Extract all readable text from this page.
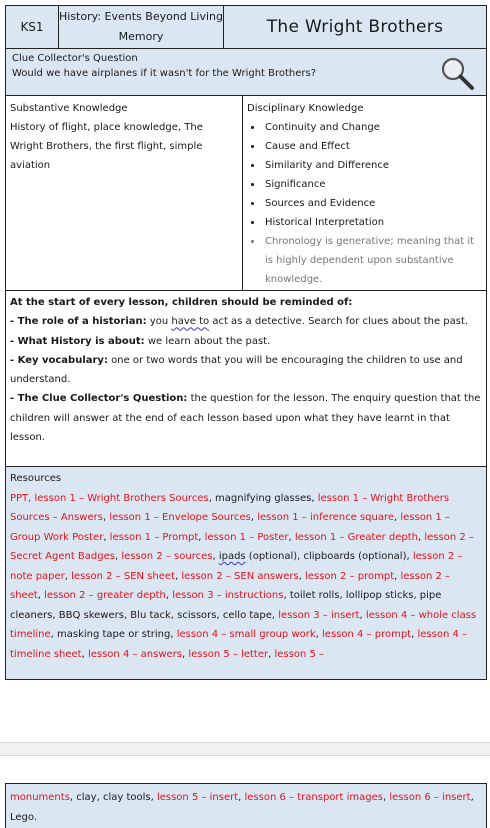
KS1
History: Events Beyond Living Memory	The Wright Brothers
Clue Collector's Question
Would we have airplanes if it wasn't for the Wright Brothers?
Substantive Knowledge
History of flight, place knowledge, The Wright Brothers, the first flight, simple aviation
Disciplinary Knowledge
• Continuity and Change
• Cause and Effect
• Similarity and Difference
• Significance
• Sources and Evidence
• Historical Interpretation
• Chronology is generative; meaning that it is highly dependent upon substantive knowledge.
At the start of every lesson, children should be reminded of:
- The role of a historian: you have to act as a detective. Search for clues about the past.
- What History is about: we learn about the past.
- Key vocabulary: one or two words that you will be encouraging the children to use and understand.
- The Clue Collector's Question: the question for the lesson. The enquiry question that the children will answer at the end of each lesson based upon what they have learnt in that lesson.
Resources
PPT, lesson 1 – Wright Brothers Sources, magnifying glasses, lesson 1 – Wright Brothers Sources – Answers, lesson 1 – Envelope Sources, lesson 1 – inference square, lesson 1 – Group Work Poster, lesson 1 – Prompt, lesson 1 – Poster, lesson 1 – Greater depth, lesson 2 – Secret Agent Badges, lesson 2 – sources, ipads (optional), clipboards (optional), lesson 2 – note paper, lesson 2 – SEN sheet, lesson 2 – SEN answers, lesson 2 – prompt, lesson 2 – sheet, lesson 2 – greater depth, lesson 3 – instructions, toilet rolls, lollipop sticks, pipe cleaners, BBQ skewers, Blu tack, scissors, cello tape, lesson 3 – insert, lesson 4 – whole class timeline, masking tape or string, lesson 4 – small group work, lesson 4 – prompt, lesson 4 – timeline sheet, lesson 4 – answers, lesson 5 – letter, lesson 5 –
monuments, clay, clay tools, lesson 5 – insert, lesson 6 – transport images, lesson 6 – insert, Lego.
